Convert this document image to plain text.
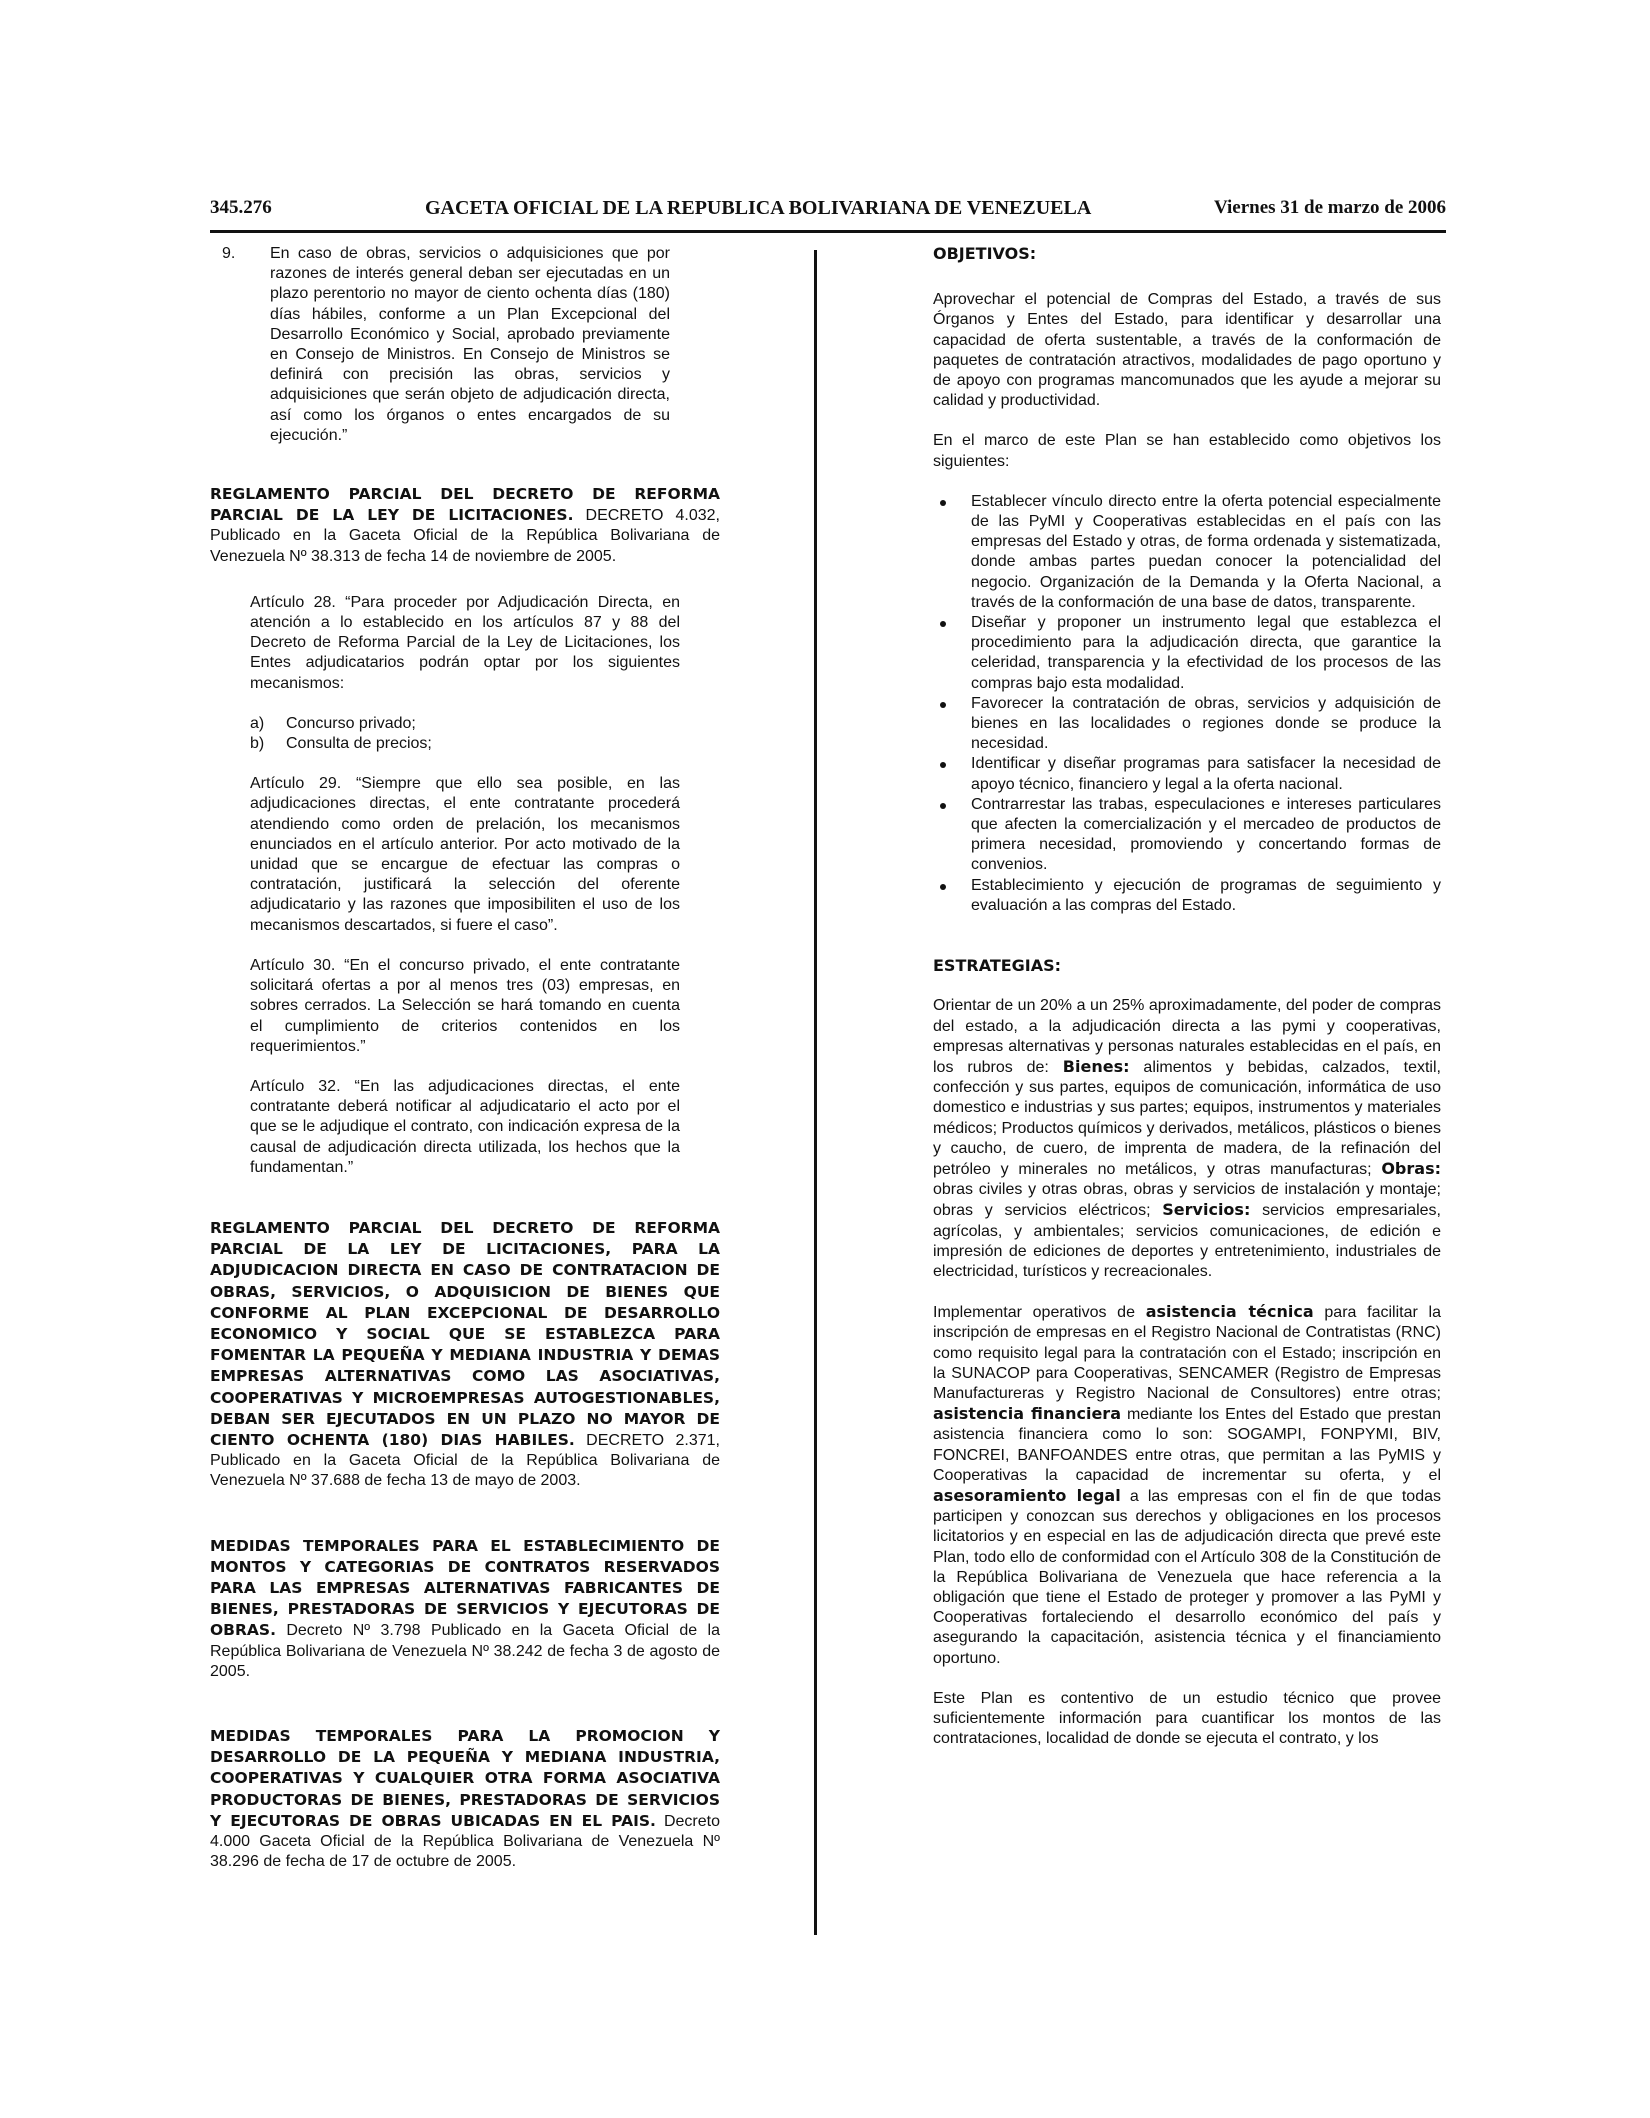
345.276	GACETA OFICIAL DE LA REPUBLICA BOLIVARIANA DE VENEZUELA	Viernes 31 de marzo de 2006
9.	En caso de obras, servicios o adquisiciones que por razones de interés general deban ser ejecutadas en un plazo perentorio no mayor de ciento ochenta días (180) días hábiles, conforme a un Plan Excepcional del Desarrollo Económico y Social, aprobado previamente en Consejo de Ministros. En Consejo de Ministros se definirá con precisión las obras, servicios y adquisiciones que serán objeto de adjudicación directa, así como los órganos o entes encargados de su ejecución.”

REGLAMENTO PARCIAL DEL DECRETO DE REFORMA PARCIAL DE LA LEY DE LICITACIONES. DECRETO 4.032, Publicado en la Gaceta Oficial de la República Bolivariana de Venezuela Nº 38.313 de fecha 14 de noviembre de 2005.

Artículo 28. “Para proceder por Adjudicación Directa, en atención a lo establecido en los artículos 87 y 88 del Decreto de Reforma Parcial de la Ley de Licitaciones, los Entes adjudicatarios podrán optar por los siguientes mecanismos:

a)	Concurso privado;
b)	Consulta de precios;

Artículo 29. “Siempre que ello sea posible, en las adjudicaciones directas, el ente contratante procederá atendiendo como orden de prelación, los mecanismos enunciados en el artículo anterior. Por acto motivado de la unidad que se encargue de efectuar las compras o contratación, justificará la selección del oferente adjudicatario y las razones que imposibiliten el uso de los mecanismos descartados, si fuere el caso”.

Artículo 30. “En el concurso privado, el ente contratante solicitará ofertas a por al menos tres (03) empresas, en sobres cerrados. La Selección se hará tomando en cuenta el cumplimiento de criterios contenidos en los requerimientos.”

Artículo 32. “En las adjudicaciones directas, el ente contratante deberá notificar al adjudicatario el acto por el que se le adjudique el contrato, con indicación expresa de la causal de adjudicación directa utilizada, los hechos que la fundamentan.”

REGLAMENTO PARCIAL DEL DECRETO DE REFORMA PARCIAL DE LA LEY DE LICITACIONES, PARA LA ADJUDICACION DIRECTA EN CASO DE CONTRATACION DE OBRAS, SERVICIOS, O ADQUISICION DE BIENES QUE CONFORME AL PLAN EXCEPCIONAL DE DESARROLLO ECONOMICO Y SOCIAL QUE SE ESTABLEZCA PARA FOMENTAR LA PEQUEÑA Y MEDIANA INDUSTRIA Y DEMAS EMPRESAS ALTERNATIVAS COMO LAS ASOCIATIVAS, COOPERATIVAS Y MICROEMPRESAS AUTOGESTIONABLES, DEBAN SER EJECUTADOS EN UN PLAZO NO MAYOR DE CIENTO OCHENTA (180) DIAS HABILES. DECRETO 2.371, Publicado en la Gaceta Oficial de la República Bolivariana de Venezuela Nº 37.688 de fecha 13 de mayo de 2003.

MEDIDAS TEMPORALES PARA EL ESTABLECIMIENTO DE MONTOS Y CATEGORIAS DE CONTRATOS RESERVADOS PARA LAS EMPRESAS ALTERNATIVAS FABRICANTES DE BIENES, PRESTADORAS DE SERVICIOS Y EJECUTORAS DE OBRAS. Decreto Nº 3.798 Publicado en la Gaceta Oficial de la República Bolivariana de Venezuela Nº 38.242 de fecha 3 de agosto de 2005.

MEDIDAS TEMPORALES PARA LA PROMOCION Y DESARROLLO DE LA PEQUEÑA Y MEDIANA INDUSTRIA, COOPERATIVAS Y CUALQUIER OTRA FORMA ASOCIATIVA PRODUCTORAS DE BIENES, PRESTADORAS DE SERVICIOS Y EJECUTORAS DE OBRAS UBICADAS EN EL PAIS. Decreto 4.000 Gaceta Oficial de la República Bolivariana de Venezuela Nº 38.296 de fecha de 17 de octubre de 2005.

OBJETIVOS:

Aprovechar el potencial de Compras del Estado, a través de sus Órganos y Entes del Estado, para identificar y desarrollar una capacidad de oferta sustentable, a través de la conformación de paquetes de contratación atractivos, modalidades de pago oportuno y de apoyo con programas mancomunados que les ayude a mejorar su calidad y productividad.

En el marco de este Plan se han establecido como objetivos los siguientes:

Establecer vínculo directo entre la oferta potencial especialmente de las PyMI y Cooperativas establecidas en el país con las empresas del Estado y otras, de forma ordenada y sistematizada, donde ambas partes puedan conocer la potencialidad del negocio. Organización de la Demanda y la Oferta Nacional, a través de la conformación de una base de datos, transparente.
Diseñar y proponer un instrumento legal que establezca el procedimiento para la adjudicación directa, que garantice la celeridad, transparencia y la efectividad de los procesos de las compras bajo esta modalidad.
Favorecer la contratación de obras, servicios y adquisición de bienes en las localidades o regiones donde se produce la necesidad.
Identificar y diseñar programas para satisfacer la necesidad de apoyo técnico, financiero y legal a la oferta nacional.
Contrarrestar las trabas, especulaciones e intereses particulares que afecten la comercialización y el mercadeo de productos de primera necesidad, promoviendo y concertando formas de convenios.
Establecimiento y ejecución de programas de seguimiento y evaluación a las compras del Estado.
ESTRATEGIAS:

Orientar de un 20% a un 25% aproximadamente, del poder de compras del estado, a la adjudicación directa a las pymi y cooperativas, empresas alternativas y personas naturales establecidas en el país, en los rubros de: Bienes: alimentos y bebidas, calzados, textil, confección y sus partes, equipos de comunicación, informática de uso domestico e industrias y sus partes; equipos, instrumentos y materiales médicos; Productos químicos y derivados, metálicos, plásticos o bienes y caucho, de cuero, de imprenta de madera, de la refinación del petróleo y minerales no metálicos, y otras manufacturas; Obras: obras civiles y otras obras, obras y servicios de instalación y montaje; obras y servicios eléctricos; Servicios: servicios empresariales, agrícolas, y ambientales; servicios comunicaciones, de edición e impresión de ediciones de deportes y entretenimiento, industriales de electricidad, turísticos y recreacionales.

Implementar operativos de asistencia técnica para facilitar la inscripción de empresas en el Registro Nacional de Contratistas (RNC) como requisito legal para la contratación con el Estado; inscripción en la SUNACOP para Cooperativas, SENCAMER (Registro de Empresas Manufactureras y Registro Nacional de Consultores) entre otras; asistencia financiera mediante los Entes del Estado que prestan asistencia financiera como lo son: SOGAMPI, FONPYMI, BIV, FONCREI, BANFOANDES entre otras, que permitan a las PyMIS y Cooperativas la capacidad de incrementar su oferta, y el asesoramiento legal a las empresas con el fin de que todas participen y conozcan sus derechos y obligaciones en los procesos licitatorios y en especial en las de adjudicación directa que prevé este Plan, todo ello de conformidad con el Artículo 308 de la Constitución de la República Bolivariana de Venezuela que hace referencia a la obligación que tiene el Estado de proteger y promover a las PyMI y Cooperativas fortaleciendo el desarrollo económico del país y asegurando la capacitación, asistencia técnica y el financiamiento oportuno.

Este Plan es contentivo de un estudio técnico que provee suficientemente información para cuantificar los montos de las contrataciones, localidad de donde se ejecuta el contrato, y los
